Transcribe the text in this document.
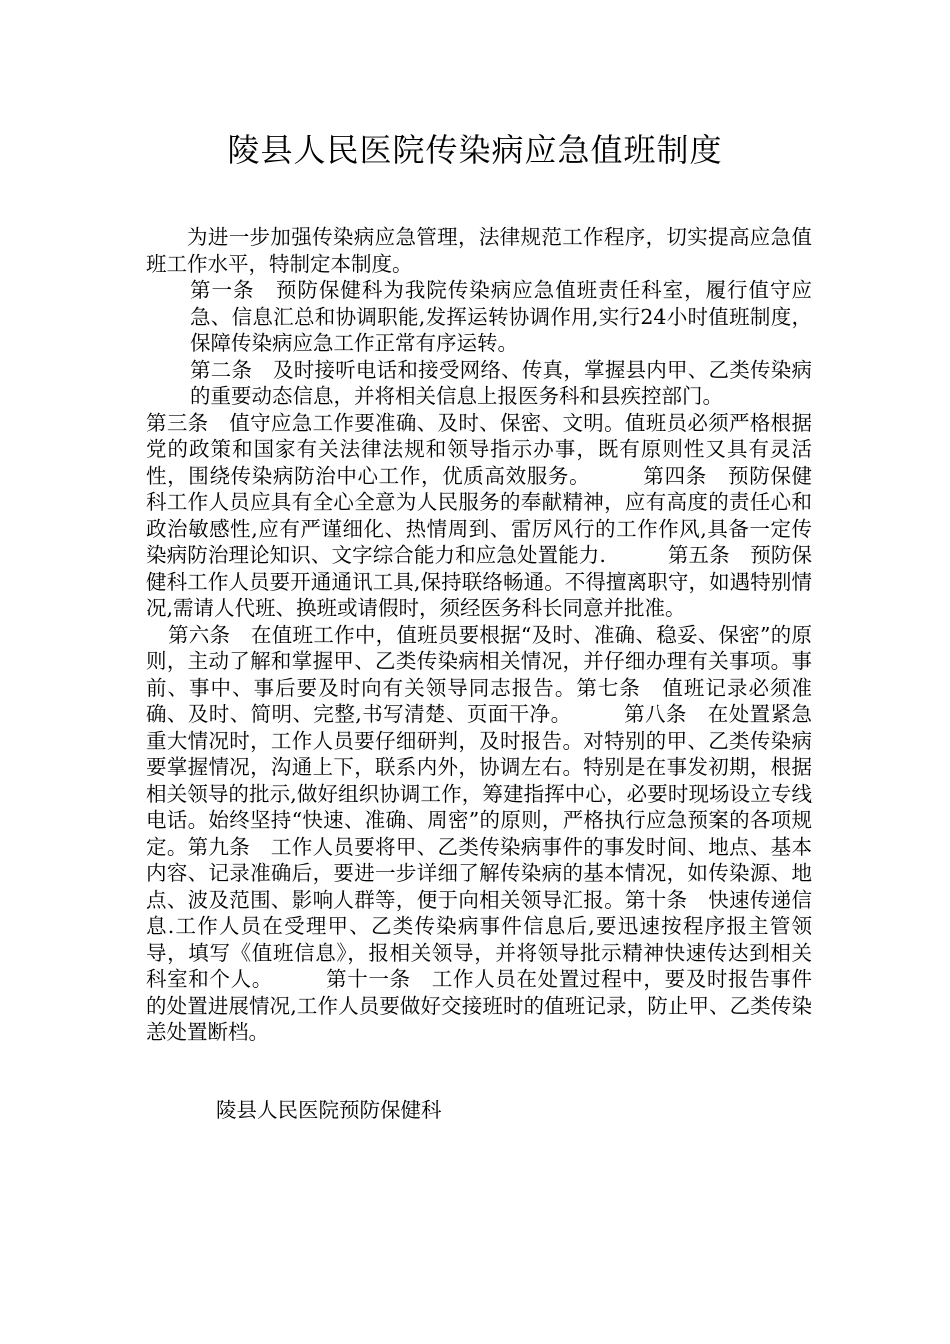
陵县人民医院传染病应急值班制度

为进一步加强传染病应急管理，法律规范工作程序，切实提高应急值班工作水平，特制定本制度。

第一条　预防保健科为我院传染病应急值班责任科室，履行值守应急、信息汇总和协调职能,发挥运转协调作用,实行24小时值班制度，保障传染病应急工作正常有序运转。

第二条　及时接听电话和接受网络、传真，掌握县内甲、乙类传染病的重要动态信息，并将相关信息上报医务科和县疾控部门。

第三条　值守应急工作要准确、及时、保密、文明。值班员必须严格根据党的政策和国家有关法律法规和领导指示办事，既有原则性又具有灵活性，围绕传染病防治中心工作，优质高效服务。　　　第四条　预防保健科工作人员应具有全心全意为人民服务的奉献精神，应有高度的责任心和政治敏感性,应有严谨细化、热情周到、雷厉风行的工作作风,具备一定传染病防治理论知识、文字综合能力和应急处置能力.　　　第五条　预防保健科工作人员要开通通讯工具,保持联络畅通。不得擅离职守，如遇特别情况,需请人代班、换班或请假时，须经医务科长同意并批准。

第六条　在值班工作中，值班员要根据“及时、准确、稳妥、保密”的原则，主动了解和掌握甲、乙类传染病相关情况，并仔细办理有关事项。事前、事中、事后要及时向有关领导同志报告。第七条　值班记录必须准确、及时、简明、完整,书写清楚、页面干净。　　　第八条　在处置紧急重大情况时，工作人员要仔细研判，及时报告。对特别的甲、乙类传染病要掌握情况，沟通上下，联系内外，协调左右。特别是在事发初期，根据相关领导的批示,做好组织协调工作，筹建指挥中心，必要时现场设立专线电话。始终坚持“快速、准确、周密”的原则，严格执行应急预案的各项规定。第九条　工作人员要将甲、乙类传染病事件的事发时间、地点、基本内容、记录准确后，要进一步详细了解传染病的基本情况，如传染源、地点、波及范围、影响人群等，便于向相关领导汇报。第十条　快速传递信息.工作人员在受理甲、乙类传染病事件信息后,要迅速按程序报主管领导，填写《值班信息》，报相关领导，并将领导批示精神快速传达到相关科室和个人。　　　第十一条　工作人员在处置过程中，要及时报告事件的处置进展情况,工作人员要做好交接班时的值班记录，防止甲、乙类传染恙处置断档。

陵县人民医院预防保健科
